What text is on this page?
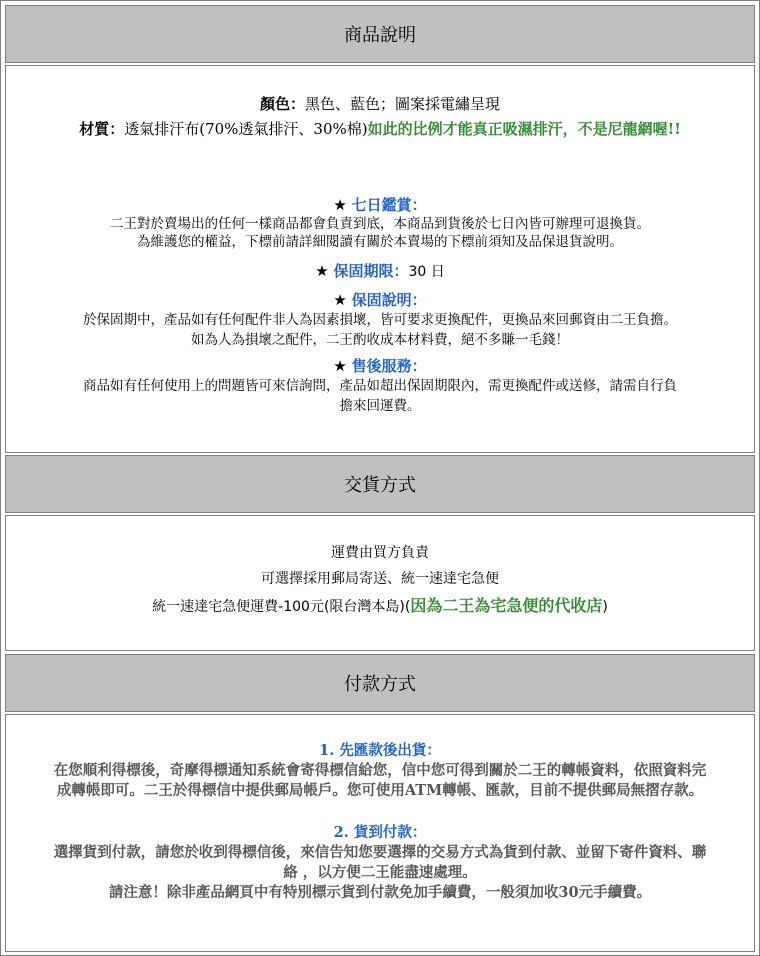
商品說明

顏色：黑色、藍色；圖案採電繡呈現

材質：透氣排汗布(70%透氣排汗、30%棉)如此的比例才能真正吸濕排汗，不是尼龍網喔!!

★ 七日鑑賞：

二王對於賣場出的任何一樣商品都會負責到底，本商品到貨後於七日內皆可辦理可退換貨。

為維護您的權益，下標前請詳細閱讀有關於本賣場的下標前須知及品保退貨說明。

★ 保固期限：30 日

★ 保固說明：

於保固期中，產品如有任何配件非人為因素損壞，皆可要求更換配件，更換品來回郵資由二王負擔。

如為人為損壞之配件，二王酌收成本材料費，絕不多賺一毛錢！

★ 售後服務：

商品如有任何使用上的問題皆可來信詢問，產品如超出保固期限內，需更換配件或送修，請需自行負

擔來回運費。

交貨方式

運費由買方負責

可選擇採用郵局寄送、統一速達宅急便

統一速達宅急便運費-100元(限台灣本島)(因為二王為宅急便的代收店)

付款方式

1. 先匯款後出貨：

在您順利得標後，奇摩得標通知系統會寄得標信給您，信中您可得到關於二王的轉帳資料，依照資料完

成轉帳即可。二王於得標信中提供郵局帳戶。您可使用ATM轉帳、匯款，目前不提供郵局無摺存款。

2. 貨到付款：

選擇貨到付款，請您於收到得標信後，來信告知您要選擇的交易方式為貨到付款、並留下寄件資料、聯

絡 ，以方便二王能盡速處理。

請注意！除非產品網頁中有特別標示貨到付款免加手續費，一般須加收30元手續費。
